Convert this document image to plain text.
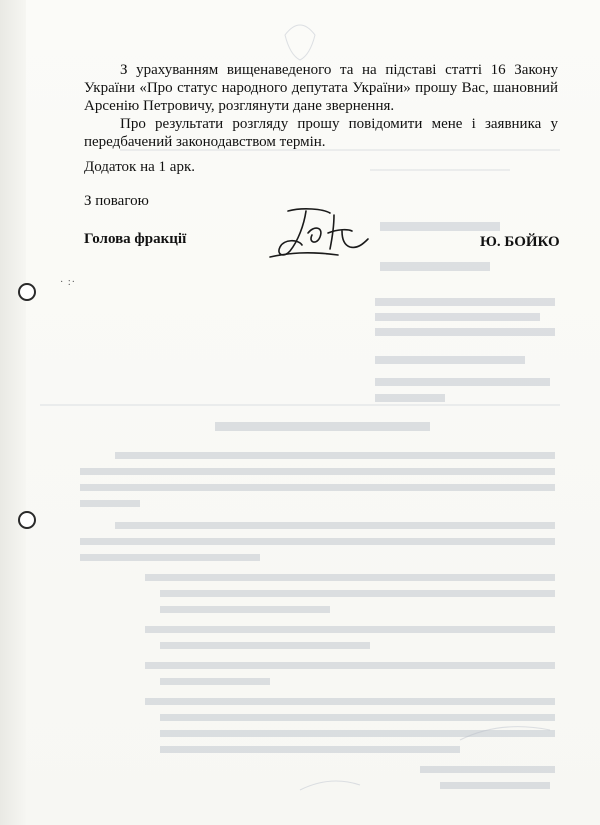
· :·
З урахуванням вищенаведеного та на підставі статті 16 Закону України «Про статус народного депутата України» прошу Вас, шановний Арсенію Петровичу, розглянути дане звернення.
Про результати розгляду прошу повідомити мене і заявника у передбачений законодавством термін.
Додаток на 1 арк.
З повагою
Голова фракції	Ю. БОЙКО
